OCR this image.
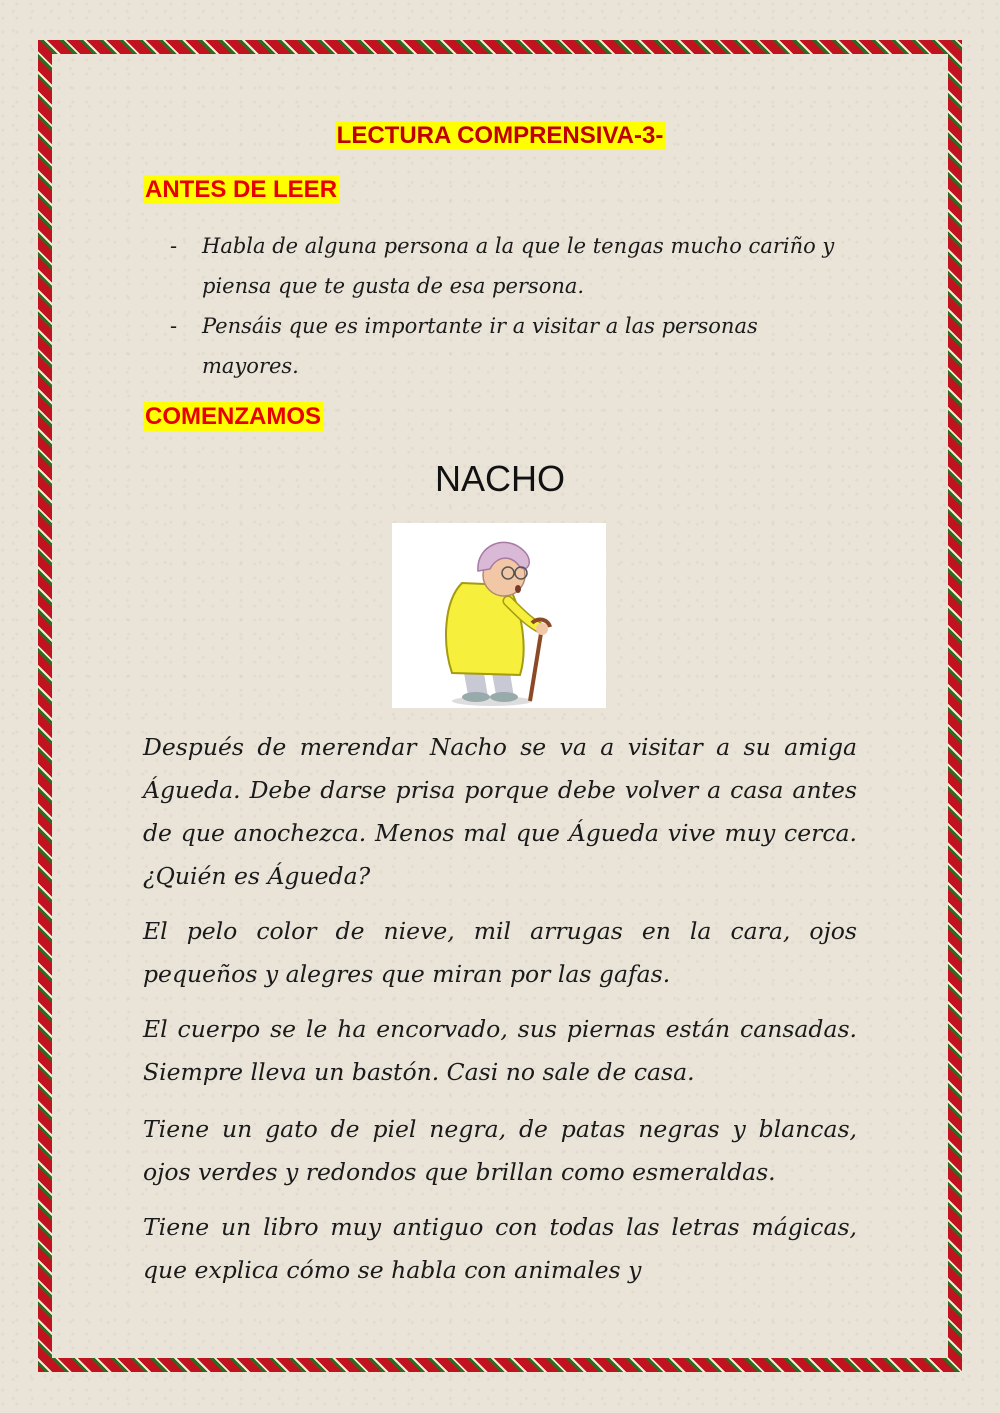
LECTURA COMPRENSIVA-3-
ANTES DE LEER
- Habla de alguna persona a la que le tengas mucho cariño y piensa que te gusta de esa persona.
- Pensáis que es importante ir a visitar a las personas mayores.
COMENZAMOS
NACHO
Después de merendar Nacho se va a visitar a su amiga Águeda. Debe darse prisa porque debe volver a casa antes de que anochezca. Menos mal que Águeda vive muy cerca. ¿Quién es Águeda?
El pelo color de nieve, mil arrugas en la cara, ojos pequeños y alegres que miran por las gafas.
El cuerpo se le ha encorvado, sus piernas están cansadas. Siempre lleva un bastón. Casi no sale de casa.
Tiene un gato de piel negra, de patas negras y blancas, ojos verdes y redondos que brillan como esmeraldas.
Tiene un libro muy antiguo con todas las letras mágicas, que explica cómo se habla con animales y
